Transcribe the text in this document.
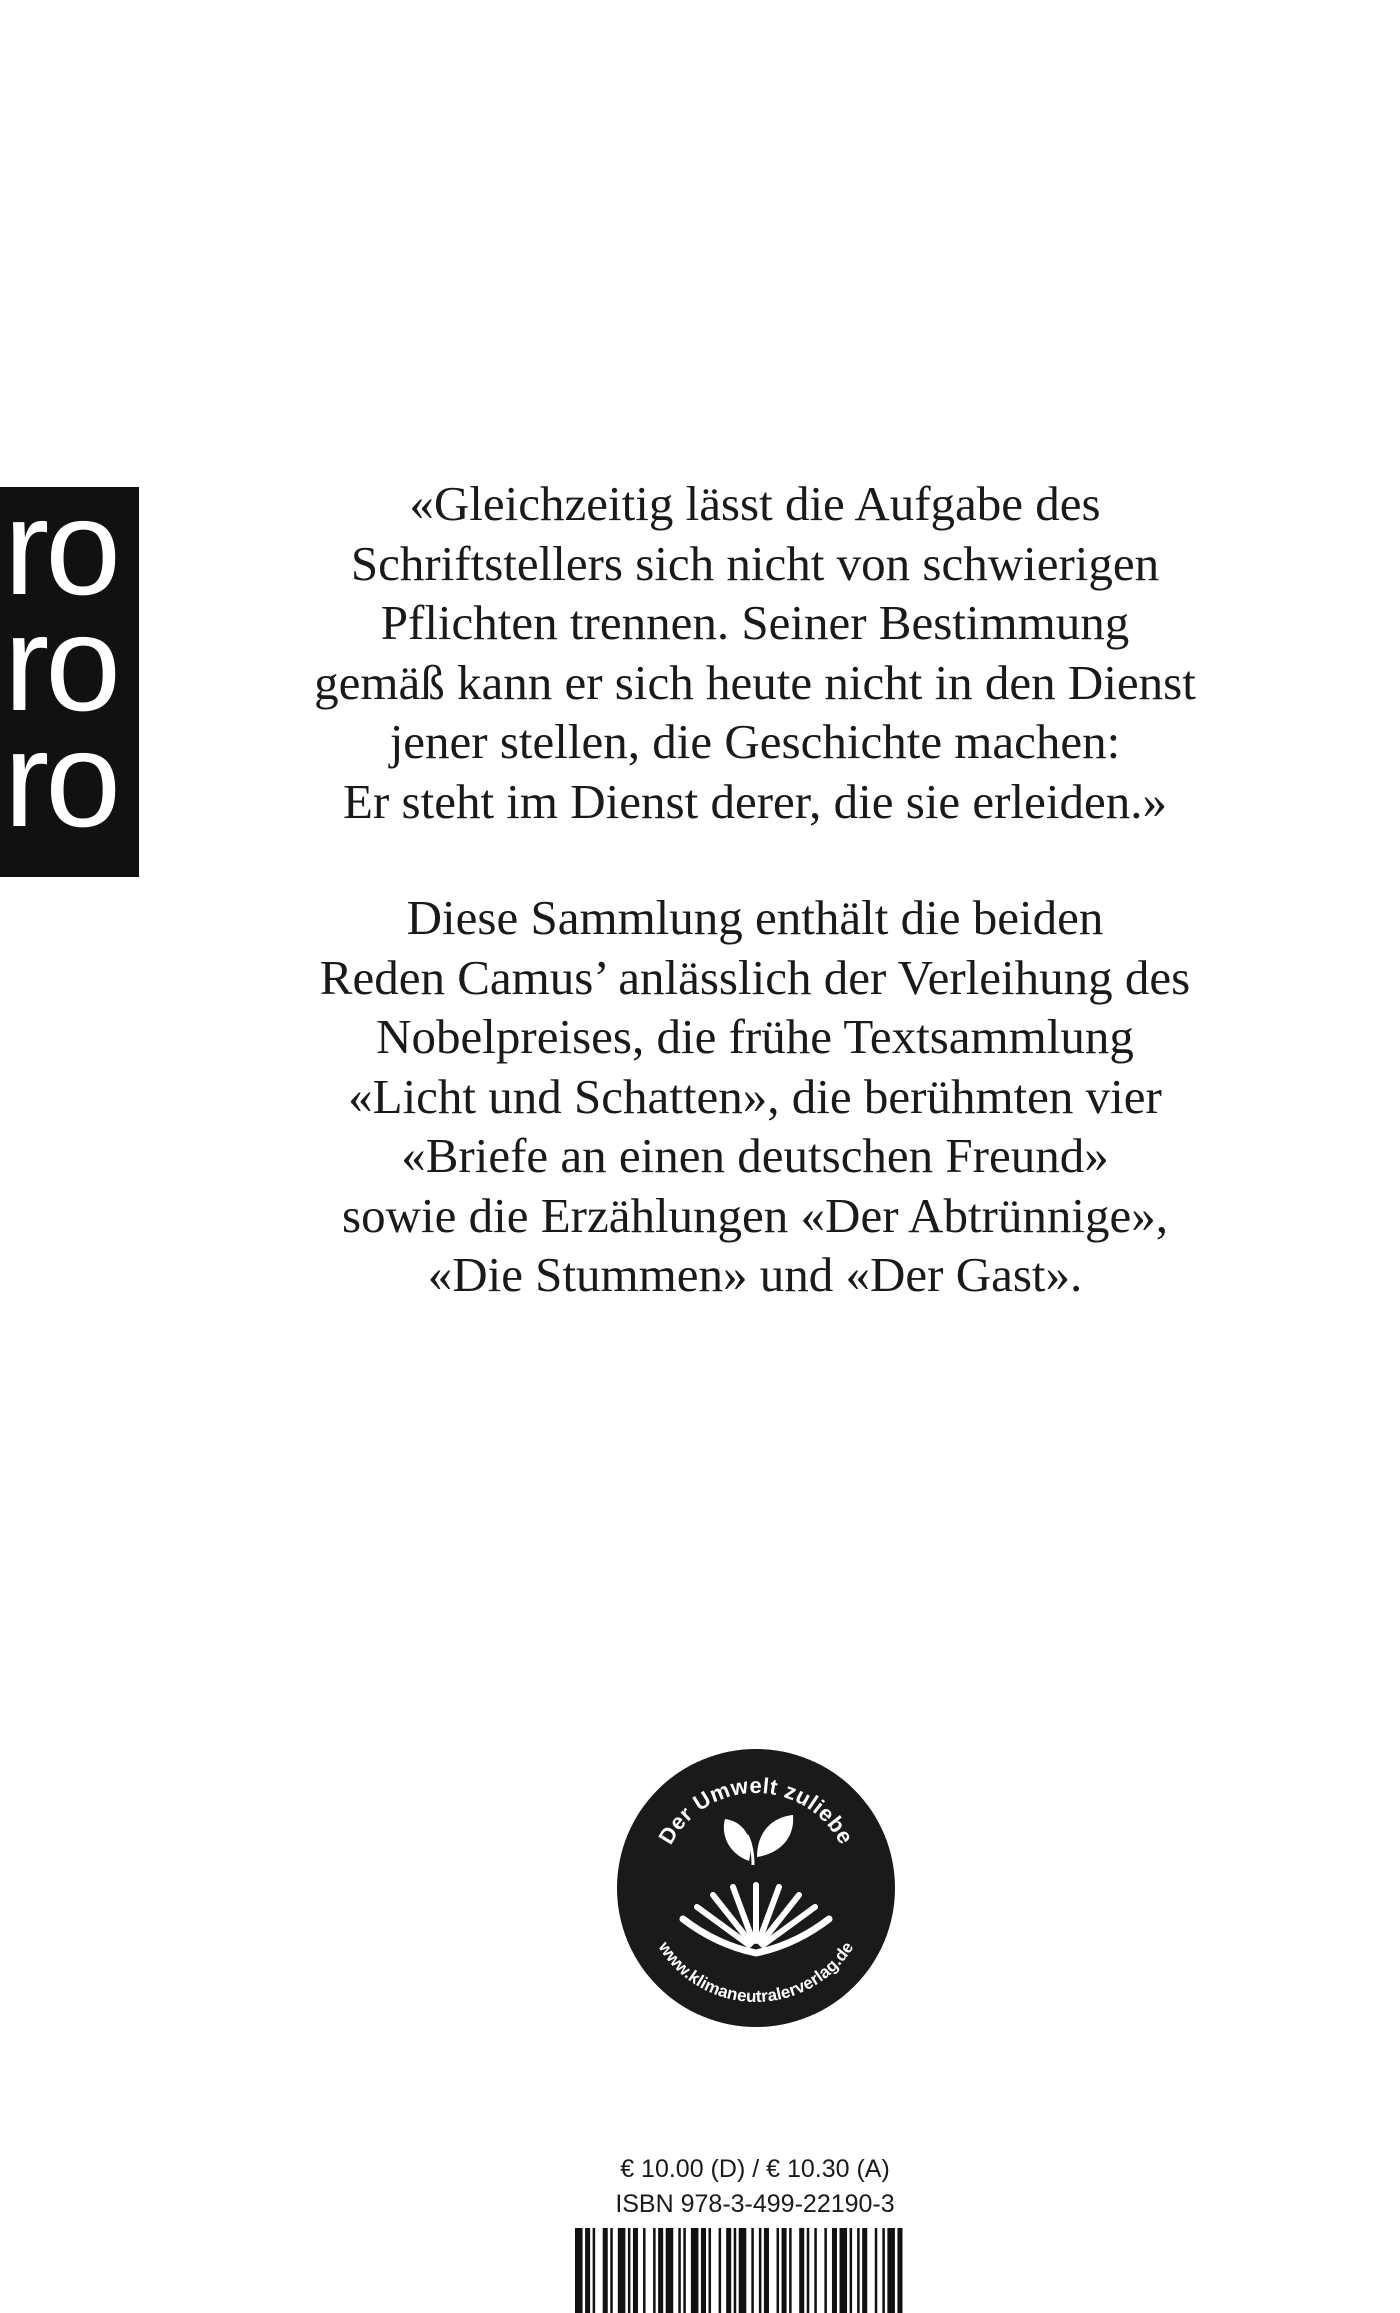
ro
ro
ro
«Gleichzeitig lässt die Aufgabe des
Schriftstellers sich nicht von schwierigen
Pflichten trennen. Seiner Bestimmung
gemäß kann er sich heute nicht in den Dienst
jener stellen, die Geschichte machen:
Er steht im Dienst derer, die sie erleiden.»
Diese Sammlung enthält die beiden
Reden Camus’ anlässlich der Verleihung des
Nobelpreises, die frühe Textsammlung
«Licht und Schatten», die berühmten vier
«Briefe an einen deutschen Freund»
sowie die Erzählungen «Der Abtrünnige»,
«Die Stummen» und «Der Gast».
Der Umwelt zuliebe
www.klimaneutralerverlag.de
€ 10.00 (D) / € 10.30 (A)
ISBN 978-3-499-22190-3
